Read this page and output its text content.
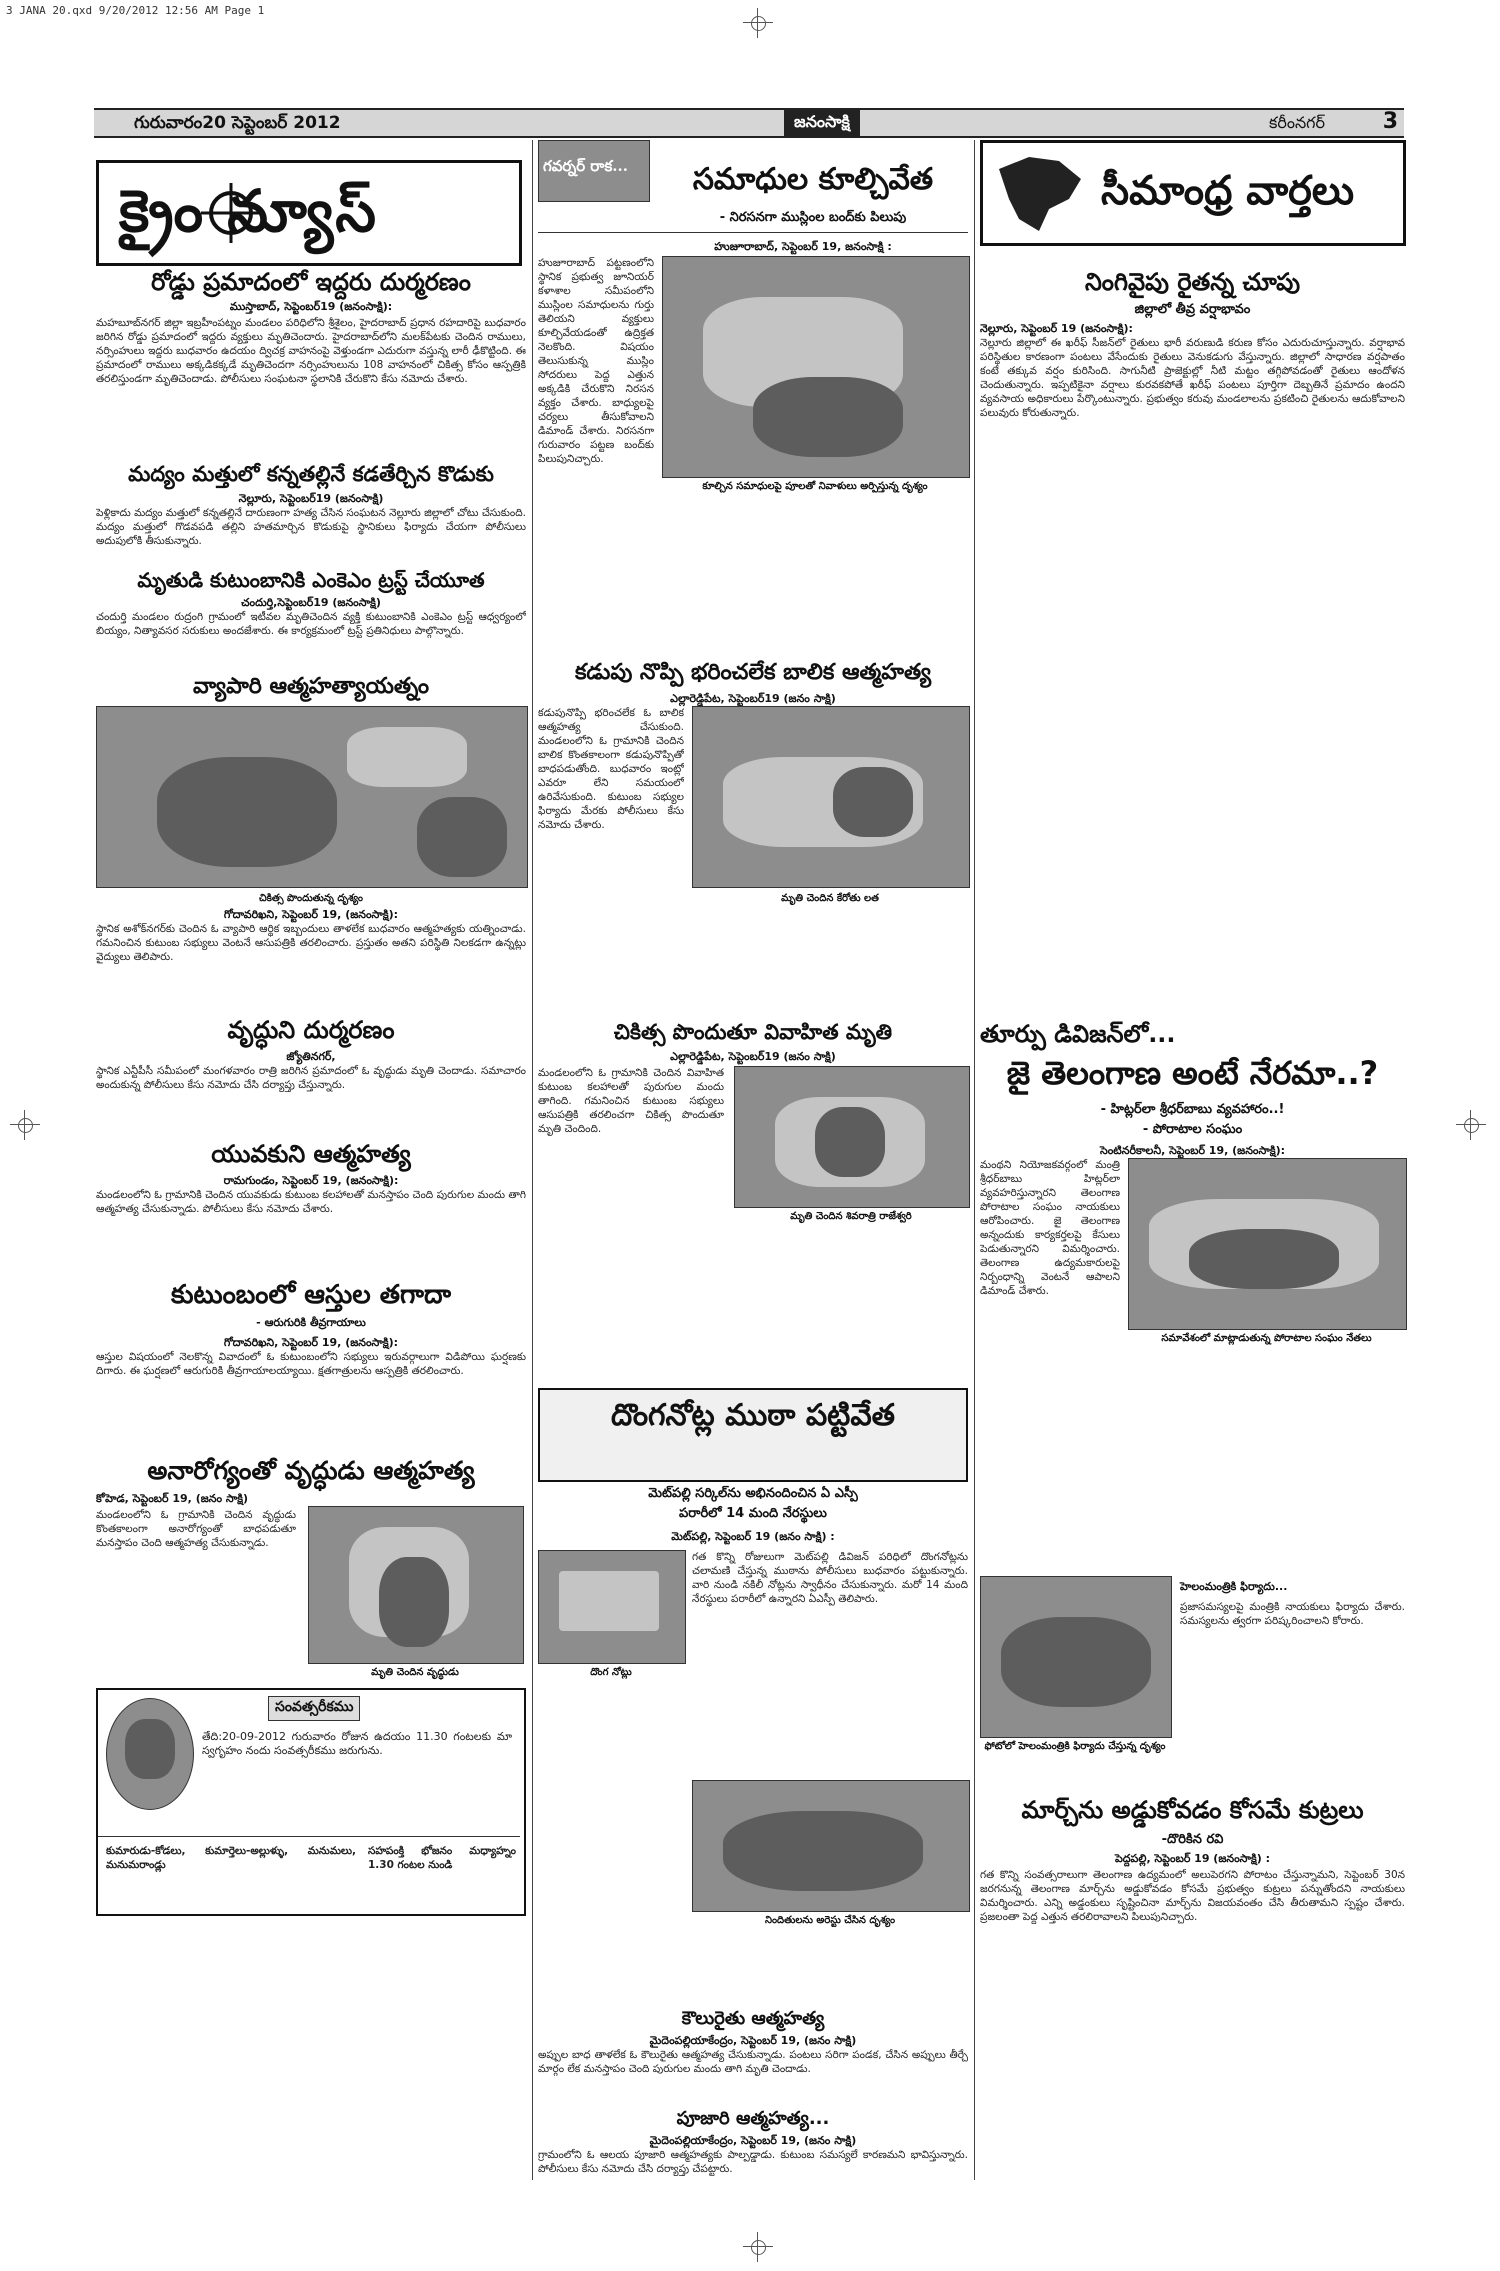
3 JANA 20.qxd 9/20/2012 12:56 AM Page 1
గురువారం20 సెప్టెంబర్ 2012	జనంసాక్షి	కరీంనగర్	3
క్రైం న్యూస్
రోడ్డు ప్రమాదంలో ఇద్దరు దుర్మరణం
ముస్తాబాద్, సెప్టెంబర్19 (జనంసాక్షి):
మహబూబ్‌నగర్ జిల్లా ఇబ్రహీంపట్నం మండలం పరిధిలోని శ్రీశైలం, హైదరాబాద్ ప్రధాన రహదారిపై బుధవారం జరిగిన రోడ్డు ప్రమాదంలో ఇద్దరు వ్యక్తులు మృతిచెందారు. హైదరాబాద్‌లోని మలక్‌పేటకు చెందిన రాములు, నర్సింహులు ఇద్దరు బుధవారం ఉదయం ద్విచక్ర వాహనంపై వెళ్తుండగా ఎదురుగా వస్తున్న లారీ ఢీకొట్టింది. ఈ ప్రమాదంలో రాములు అక్కడికక్కడే మృతిచెందగా నర్సింహులును 108 వాహనంలో చికిత్స కోసం ఆస్పత్రికి తరలిస్తుండగా మృతిచెందాడు. పోలీసులు సంఘటనా స్థలానికి చేరుకొని కేసు నమోదు చేశారు.
మద్యం మత్తులో కన్నతల్లినే కడతేర్చిన కొడుకు
నెల్లూరు, సెప్టెంబర్19 (జనంసాక్షి)
పెళ్లికాదు మద్యం మత్తులో కన్నతల్లినే దారుణంగా హత్య చేసిన సంఘటన నెల్లూరు జిల్లాలో చోటు చేసుకుంది. మద్యం మత్తులో గొడవపడి తల్లిని హతమార్చిన కొడుకుపై స్థానికులు ఫిర్యాదు చేయగా పోలీసులు అదుపులోకి తీసుకున్నారు.
మృతుడి కుటుంబానికి ఎంకెఎం ట్రస్ట్ చేయూత
చందుర్తి,సెప్టెంబర్19 (జనంసాక్షి)
చందుర్తి మండలం రుద్రంగి గ్రామంలో ఇటీవల మృతిచెందిన వ్యక్తి కుటుంబానికి ఎంకెఎం ట్రస్ట్ ఆధ్వర్యంలో బియ్యం, నిత్యావసర సరుకులు అందజేశారు. ఈ కార్యక్రమంలో ట్రస్ట్ ప్రతినిధులు పాల్గొన్నారు.
వ్యాపారి ఆత్మహత్యాయత్నం
చికిత్స పొందుతున్న దృశ్యం
గోదావరిఖని, సెప్టెంబర్ 19, (జనంసాక్షి):
స్థానిక అశోక్‌నగర్‌కు చెందిన ఓ వ్యాపారి ఆర్థిక ఇబ్బందులు తాళలేక బుధవారం ఆత్మహత్యకు యత్నించాడు. గమనించిన కుటుంబ సభ్యులు వెంటనే ఆసుపత్రికి తరలించారు. ప్రస్తుతం అతని పరిస్థితి నిలకడగా ఉన్నట్లు వైద్యులు తెలిపారు.
వృద్ధుని దుర్మరణం
జ్యోతినగర్,
స్థానిక ఎన్టీపీసీ సమీపంలో మంగళవారం రాత్రి జరిగిన ప్రమాదంలో ఓ వృద్ధుడు మృతి చెందాడు. సమాచారం అందుకున్న పోలీసులు కేసు నమోదు చేసి దర్యాప్తు చేస్తున్నారు.
యువకుని ఆత్మహత్య
రామగుండం, సెప్టెంబర్ 19, (జనంసాక్షి):
మండలంలోని ఓ గ్రామానికి చెందిన యువకుడు కుటుంబ కలహాలతో మనస్తాపం చెంది పురుగుల మందు తాగి ఆత్మహత్య చేసుకున్నాడు. పోలీసులు కేసు నమోదు చేశారు.
కుటుంబంలో ఆస్తుల తగాదా
- ఆరుగురికి తీవ్రగాయాలు
గోదావరిఖని, సెప్టెంబర్ 19, (జనంసాక్షి):
ఆస్తుల విషయంలో నెలకొన్న వివాదంలో ఓ కుటుంబంలోని సభ్యులు ఇరువర్గాలుగా విడిపోయి ఘర్షణకు దిగారు. ఈ ఘర్షణలో ఆరుగురికి తీవ్రగాయాలయ్యాయి. క్షతగాత్రులను ఆస్పత్రికి తరలించారు.
అనారోగ్యంతో వృద్ధుడు ఆత్మహత్య
కోహెడ, సెప్టెంబర్ 19, (జనం సాక్షి)
మండలంలోని ఓ గ్రామానికి చెందిన వృద్ధుడు కొంతకాలంగా అనారోగ్యంతో బాధపడుతూ మనస్తాపం చెంది ఆత్మహత్య చేసుకున్నాడు.
మృతి చెందిన వృద్ధుడు
సంవత్సరీకము
తేది:20-09-2012 గురువారం రోజున ఉదయం 11.30 గంటలకు మా స్వగృహం నందు సంవత్సరీకము జరుగును.
కుమారుడు-కోడలు, కుమార్తెలు-అల్లుళ్ళు, మనుమలు, మనుమరాండ్లు
సహపంక్తి భోజనం మధ్యాహ్నం 1.30 గంటల నుండి
గవర్నర్ రాక...	సమాధుల కూల్చివేత
- నిరసనగా ముస్లింల బంద్‌కు పిలుపు
హుజూరాబాద్, సెప్టెంబర్ 19, జనంసాక్షి :
హుజూరాబాద్ పట్టణంలోని స్థానిక ప్రభుత్వ జూనియర్ కళాశాల సమీపంలోని ముస్లింల సమాధులను గుర్తు తెలియని వ్యక్తులు కూల్చివేయడంతో ఉద్రిక్తత నెలకొంది. విషయం తెలుసుకున్న ముస్లిం సోదరులు పెద్ద ఎత్తున అక్కడికి చేరుకొని నిరసన వ్యక్తం చేశారు. బాధ్యులపై చర్యలు తీసుకోవాలని డిమాండ్ చేశారు. నిరసనగా గురువారం పట్టణ బంద్‌కు పిలుపునిచ్చారు.
కూల్చిన సమాధులపై పూలతో నివాళులు అర్పిస్తున్న దృశ్యం
కడుపు నొప్పి భరించలేక బాలిక ఆత్మహత్య
ఎల్లారెడ్డిపేట, సెప్టెంబర్19 (జనం సాక్షి)
కడుపునొప్పి భరించలేక ఓ బాలిక ఆత్మహత్య చేసుకుంది. మండలంలోని ఓ గ్రామానికి చెందిన బాలిక కొంతకాలంగా కడుపునొప్పితో బాధపడుతోంది. బుధవారం ఇంట్లో ఎవరూ లేని సమయంలో ఉరివేసుకుంది. కుటుంబ సభ్యుల ఫిర్యాదు మేరకు పోలీసులు కేసు నమోదు చేశారు.
మృతి చెందిన కేరోతు లత
చికిత్స పొందుతూ వివాహిత మృతి
ఎల్లారెడ్డిపేట, సెప్టెంబర్19 (జనం సాక్షి)
మండలంలోని ఓ గ్రామానికి చెందిన వివాహిత కుటుంబ కలహాలతో పురుగుల మందు తాగింది. గమనించిన కుటుంబ సభ్యులు ఆసుపత్రికి తరలించగా చికిత్స పొందుతూ మృతి చెందింది.
మృతి చెందిన శివరాత్రి రాజేశ్వరి
దొంగనోట్ల ముఠా పట్టివేత
మెట్‌పల్లి సర్కిల్‌ను అభినందించిన ఏ ఎస్పీ
పరారీలో 14 మంది నేరస్థులు
మెట్‌పల్లి, సెప్టెంబర్ 19 (జనం సాక్షి) :
దొంగ నోట్లు
గత కొన్ని రోజులుగా మెట్‌పల్లి డివిజన్ పరిధిలో దొంగనోట్లను చలామణి చేస్తున్న ముఠాను పోలీసులు బుధవారం పట్టుకున్నారు. వారి నుండి నకిలీ నోట్లను స్వాధీనం చేసుకున్నారు. మరో 14 మంది నేరస్థులు పరారీలో ఉన్నారని ఏఎస్పీ తెలిపారు.
నిందితులను అరెస్టు చేసిన దృశ్యం
కౌలురైతు ఆత్మహత్య
మైదెంపల్లియాకేంద్రం, సెప్టెంబర్ 19, (జనం సాక్షి)
అప్పుల బాధ తాళలేక ఓ కౌలురైతు ఆత్మహత్య చేసుకున్నాడు. పంటలు సరిగా పండక, చేసిన అప్పులు తీర్చే మార్గం లేక మనస్తాపం చెంది పురుగుల మందు తాగి మృతి చెందాడు.
పూజారి ఆత్మహత్య...
మైదెంపల్లియాకేంద్రం, సెప్టెంబర్ 19, (జనం సాక్షి)
గ్రామంలోని ఓ ఆలయ పూజారి ఆత్మహత్యకు పాల్పడ్డాడు. కుటుంబ సమస్యలే కారణమని భావిస్తున్నారు. పోలీసులు కేసు నమోదు చేసి దర్యాప్తు చేపట్టారు.
సీమాంధ్ర వార్తలు
నింగివైపు రైతన్న చూపు
జిల్లాలో తీవ్ర వర్షాభావం
నెల్లూరు, సెప్టెంబర్ 19 (జనంసాక్షి):
నెల్లూరు జిల్లాలో ఈ ఖరీఫ్ సీజన్‌లో రైతులు భారీ వరుణుడి కరుణ కోసం ఎదురుచూస్తున్నారు. వర్షాభావ పరిస్థితుల కారణంగా పంటలు వేసేందుకు రైతులు వెనుకడుగు వేస్తున్నారు. జిల్లాలో సాధారణ వర్షపాతం కంటే తక్కువ వర్షం కురిసింది. సాగునీటి ప్రాజెక్టుల్లో నీటి మట్టం తగ్గిపోవడంతో రైతులు ఆందోళన చెందుతున్నారు. ఇప్పటికైనా వర్షాలు కురవకపోతే ఖరీఫ్ పంటలు పూర్తిగా దెబ్బతినే ప్రమాదం ఉందని వ్యవసాయ అధికారులు పేర్కొంటున్నారు. ప్రభుత్వం కరువు మండలాలను ప్రకటించి రైతులను ఆదుకోవాలని పలువురు కోరుతున్నారు.
తూర్పు డివిజన్‌లో...
జై తెలంగాణ అంటే నేరమా..?
- హిట్లర్‌లా శ్రీధర్‌బాబు వ్యవహారం..!
- పోరాటాల సంఘం
సెంటినరీకాలనీ, సెప్టెంబర్ 19, (జనంసాక్షి):
మంథని నియోజకవర్గంలో మంత్రి శ్రీధర్‌బాబు హిట్లర్‌లా వ్యవహరిస్తున్నారని తెలంగాణ పోరాటాల సంఘం నాయకులు ఆరోపించారు. జై తెలంగాణ అన్నందుకు కార్యకర్తలపై కేసులు పెడుతున్నారని విమర్శించారు. తెలంగాణ ఉద్యమకారులపై నిర్బంధాన్ని వెంటనే ఆపాలని డిమాండ్ చేశారు.
సమావేశంలో మాట్లాడుతున్న పోరాటాల సంఘం నేతలు
ఫోటోలో హెలంమంత్రికి ఫిర్యాదు చేస్తున్న దృశ్యం
హెలంమంత్రికి ఫిర్యాదు...
ప్రజాసమస్యలపై మంత్రికి నాయకులు ఫిర్యాదు చేశారు. సమస్యలను త్వరగా పరిష్కరించాలని కోరారు.
మార్చ్‌ను అడ్డుకోవడం కోసమే కుట్రలు
-దొరికిన రవి
పెద్దపల్లి, సెప్టెంబర్ 19 (జనంసాక్షి) :
గత కొన్ని సంవత్సరాలుగా తెలంగాణ ఉద్యమంలో అలుపెరగని పోరాటం చేస్తున్నామని, సెప్టెంబర్ 30న జరగనున్న తెలంగాణ మార్చ్‌ను అడ్డుకోవడం కోసమే ప్రభుత్వం కుట్రలు పన్నుతోందని నాయకులు విమర్శించారు. ఎన్ని అడ్డంకులు సృష్టించినా మార్చ్‌ను విజయవంతం చేసి తీరుతామని స్పష్టం చేశారు. ప్రజలంతా పెద్ద ఎత్తున తరలిరావాలని పిలుపునిచ్చారు.
